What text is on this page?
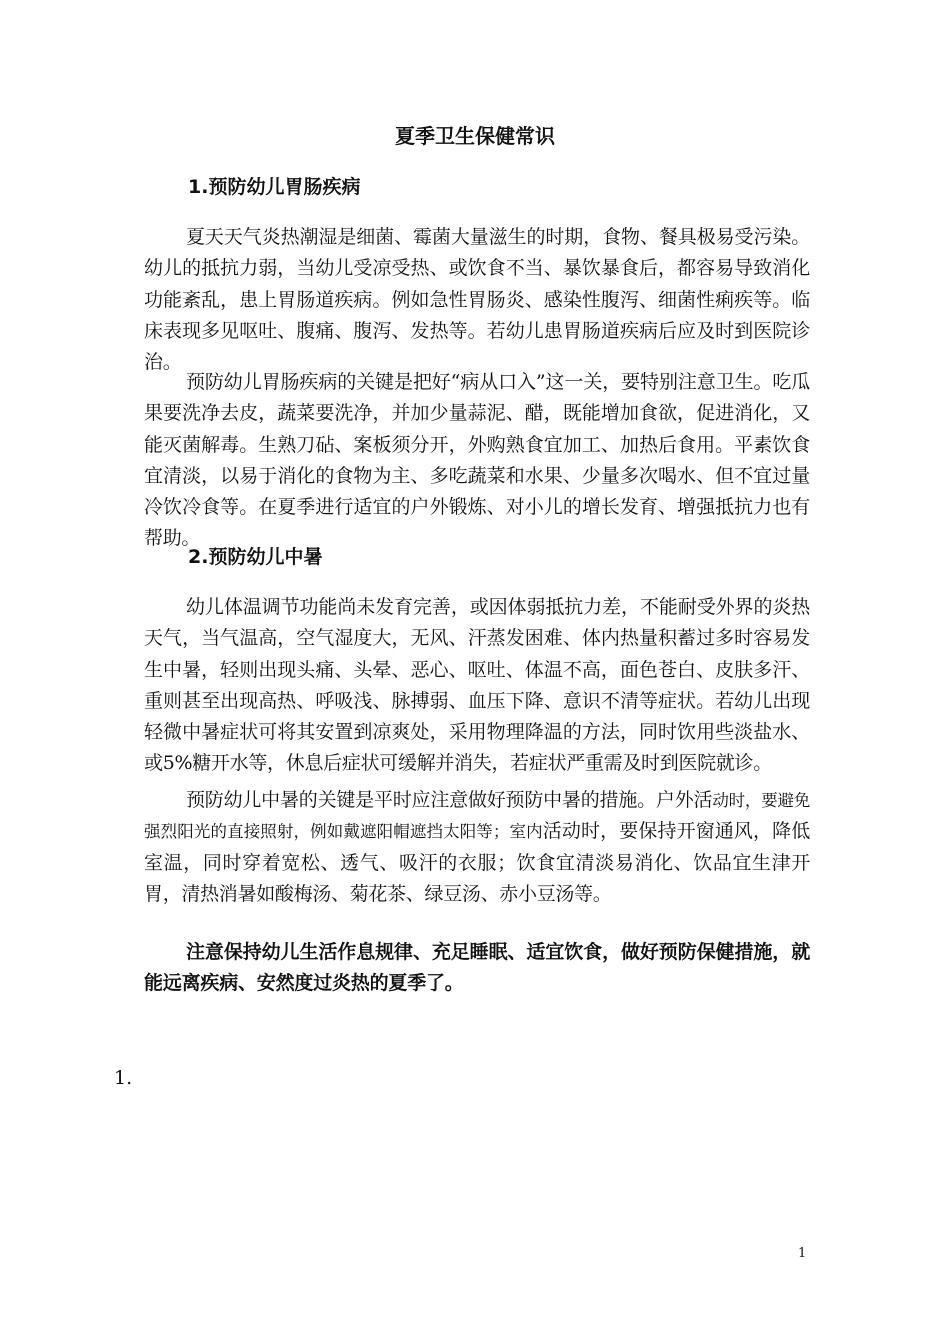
夏季卫生保健常识
1.预防幼儿胃肠疾病

夏天天气炎热潮湿是细菌、霉菌大量滋生的时期，食物、餐具极易受污染。幼儿的抵抗力弱，当幼儿受凉受热、或饮食不当、暴饮暴食后，都容易导致消化功能紊乱，患上胃肠道疾病。例如急性胃肠炎、感染性腹泻、细菌性痢疾等。临床表现多见呕吐、腹痛、腹泻、发热等。若幼儿患胃肠道疾病后应及时到医院诊治。

预防幼儿胃肠疾病的关键是把好“病从口入”这一关，要特别注意卫生。吃瓜果要洗净去皮，蔬菜要洗净，并加少量蒜泥、醋，既能增加食欲，促进消化，又能灭菌解毒。生熟刀砧、案板须分开，外购熟食宜加工、加热后食用。平素饮食宜清淡，以易于消化的食物为主、多吃蔬菜和水果、少量多次喝水、但不宜过量冷饮冷食等。在夏季进行适宜的户外锻炼、对小儿的增长发育、增强抵抗力也有帮助。

2.预防幼儿中暑

幼儿体温调节功能尚未发育完善，或因体弱抵抗力差，不能耐受外界的炎热天气，当气温高，空气湿度大，无风、汗蒸发困难、体内热量积蓄过多时容易发生中暑，轻则出现头痛、头晕、恶心、呕吐、体温不高，面色苍白、皮肤多汗、重则甚至出现高热、呼吸浅、脉搏弱、血压下降、意识不清等症状。若幼儿出现轻微中暑症状可将其安置到凉爽处，采用物理降温的方法，同时饮用些淡盐水、或5%糖开水等，休息后症状可缓解并消失，若症状严重需及时到医院就诊。

预防幼儿中暑的关键是平时应注意做好预防中暑的措施。户外活动时，要避免强烈阳光的直接照射，例如戴遮阳帽遮挡太阳等；室内活动时，要保持开窗通风，降低室温，同时穿着宽松、透气、吸汗的衣服；饮食宜清淡易消化、饮品宜生津开胃，清热消暑如酸梅汤、菊花茶、绿豆汤、赤小豆汤等。

注意保持幼儿生活作息规律、充足睡眠、适宜饮食，做好预防保健措施，就能远离疾病、安然度过炎热的夏季了。

1.
1
